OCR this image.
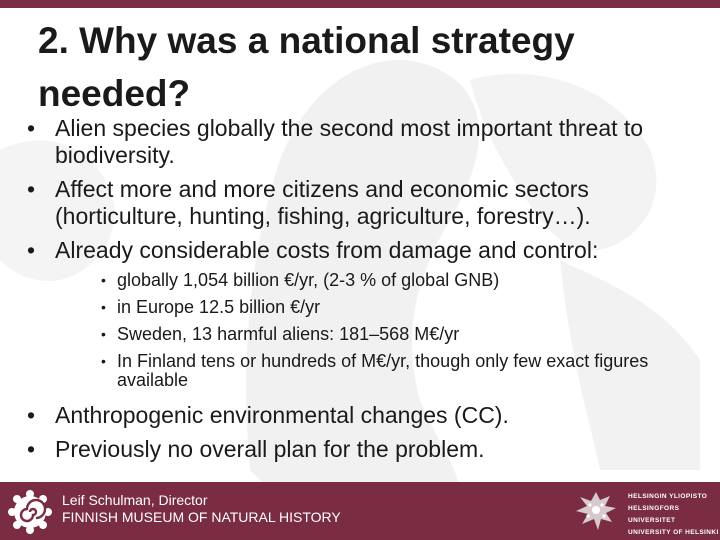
2. Why was a national strategy needed?
• Alien species globally the second most important threat to biodiversity.
• Affect more and more citizens and economic sectors (horticulture, hunting, fishing, agriculture, forestry…).
• Already considerable costs from damage and control:
• globally 1,054 billion €/yr, (2-3 % of global GNB)
• in Europe 12.5 billion €/yr
• Sweden, 13 harmful aliens: 181–568 M€/yr
• In Finland tens or hundreds of M€/yr, though only few exact figures available
• Anthropogenic environmental changes (CC).
• Previously no overall plan for the problem.
Leif Schulman, Director
FINNISH MUSEUM OF NATURAL HISTORY
HELSINGIN YLIOPISTO
HELSINGFORS UNIVERSITET
UNIVERSITY OF HELSINKI
